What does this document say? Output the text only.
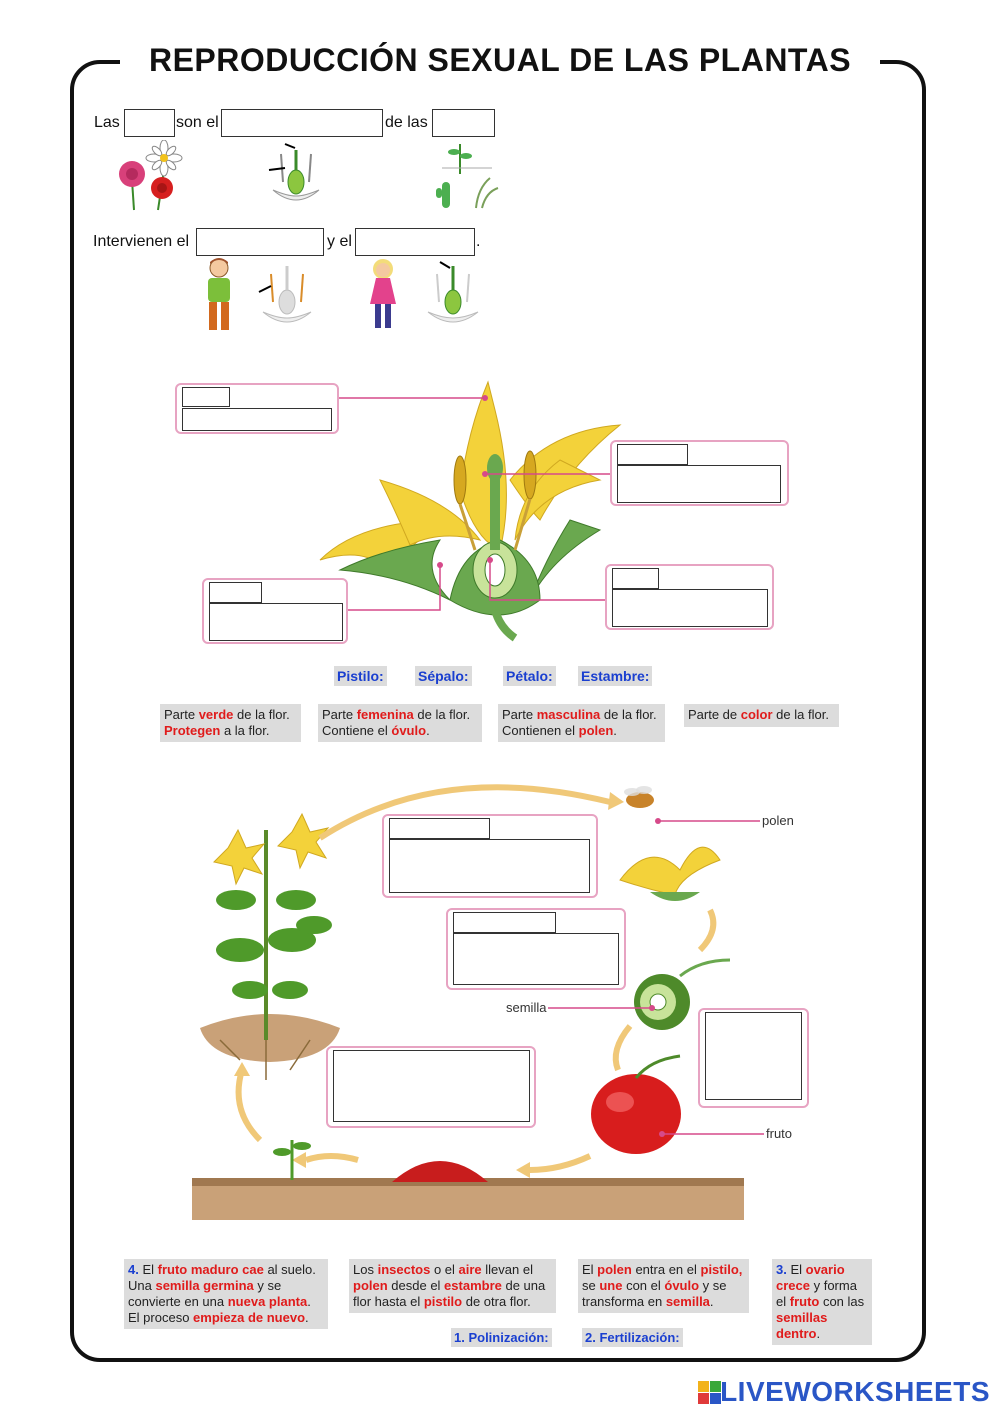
REPRODUCCIÓN SEXUAL DE LAS PLANTAS
Las	son el	de las
Intervienen el	y el	.
Pistilo: Sépalo:	Pétalo: Estambre:
Parte verde de la flor.
Protegen a la flor.
Parte femenina de la flor.
Contiene el óvulo.
Parte masculina de la flor.
Contienen el polen.
Parte de color de la flor.
polen
semilla
fruto
4. El fruto maduro cae al suelo.
Una semilla germina y se
convierte en una nueva planta.
El proceso empieza de nuevo.
Los insectos o el aire llevan el
polen desde el estambre de una
flor hasta el pistilo de otra flor.
El polen entra en el pistilo,
se une con el óvulo y se
transforma en semilla.
3. El ovario
crece y forma
el fruto con las
semillas
dentro.
1. Polinización:	2. Fertilización:
LIVEWORKSHEETS
